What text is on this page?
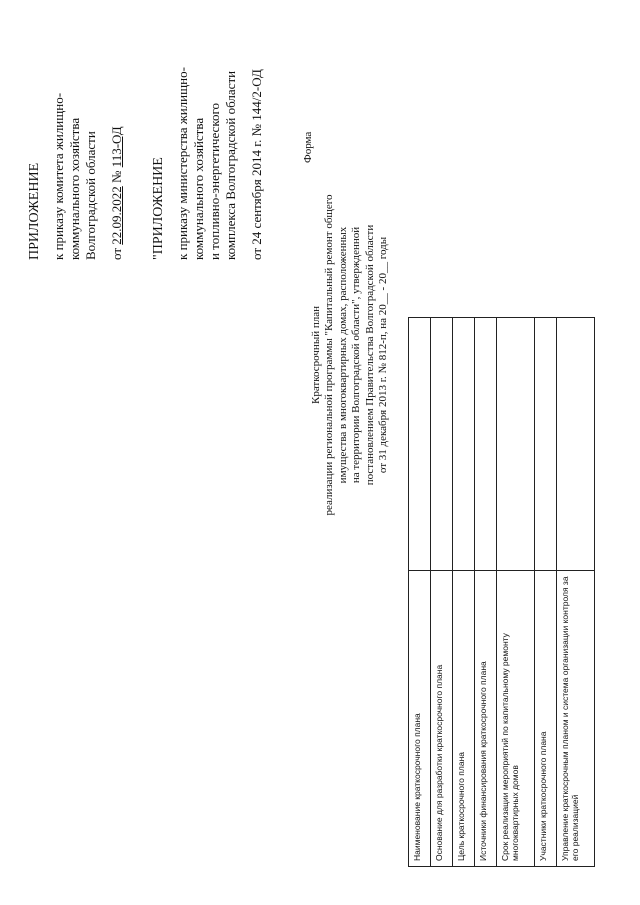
ПРИЛОЖЕНИЕ к приказу комитета жилищно- коммунального хозяйства Волгоградской области от 22.09.2022 № 113-ОД
"ПРИЛОЖЕНИЕ к приказу министерства жилищно- коммунального хозяйства и топливно-энергетического комплекса Волгоградской области от 24 сентября 2014 г. № 144/2-ОД	Форма
Краткосрочный план реализации региональной программы "Капитальный ремонт общего имущества в многоквартирных домах, расположенных на территории Волгоградской области", утвержденной постановлением Правительства Волгоградской области от 31 декабря 2013 г. № 812-п, на 20__ - 20__ годы
Наименование краткосрочного плана	
Основание для разработки краткосрочного плана	
Цель краткосрочного плана	
Источники финансирования краткосрочного плана	
Срок реализации мероприятий по капитальному ремонту многоквартирных домов	
Участники краткосрочного плана	
Управление краткосрочным планом и система организации контроля за его реализацией	
